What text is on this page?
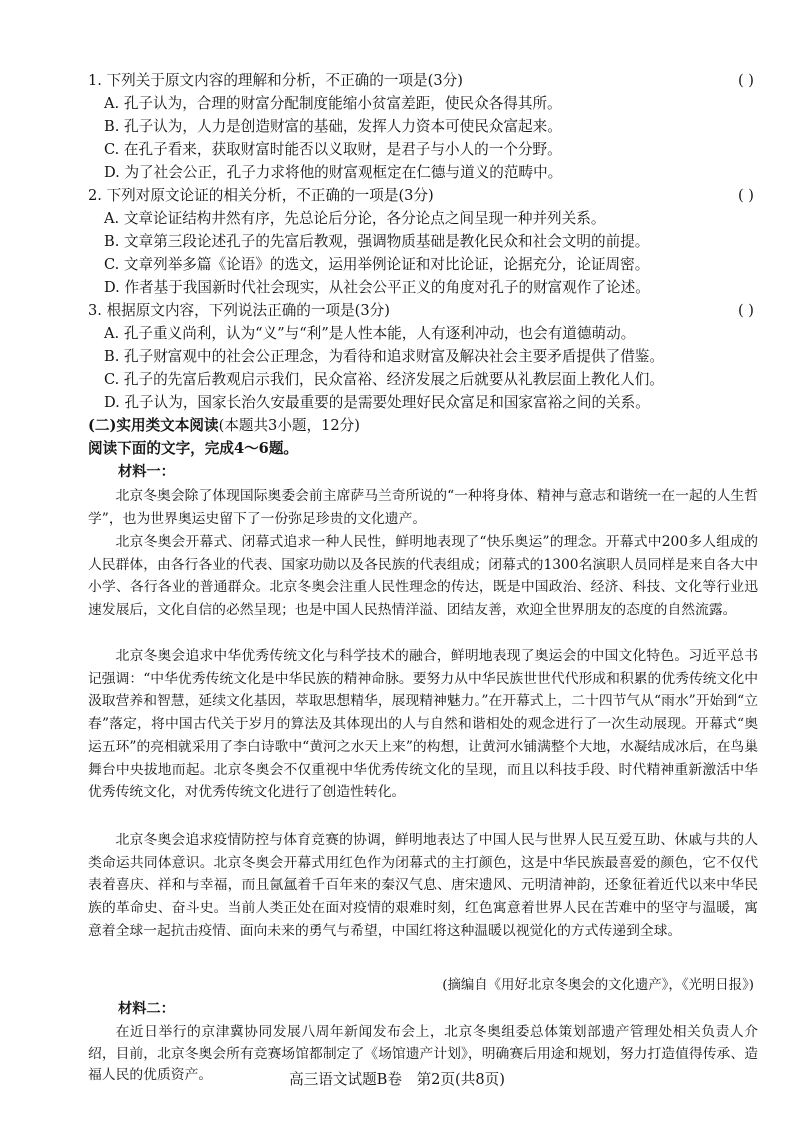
1. 下列关于原文内容的理解和分析，不正确的一项是(3分)	( )
A. 孔子认为，合理的财富分配制度能缩小贫富差距，使民众各得其所。
B. 孔子认为，人力是创造财富的基础，发挥人力资本可使民众富起来。
C. 在孔子看来，获取财富时能否以义取财，是君子与小人的一个分野。
D. 为了社会公正，孔子力求将他的财富观框定在仁德与道义的范畴中。
2. 下列对原文论证的相关分析，不正确的一项是(3分)	( )
A. 文章论证结构井然有序，先总论后分论，各分论点之间呈现一种并列关系。
B. 文章第三段论述孔子的先富后教观，强调物质基础是教化民众和社会文明的前提。
C. 文章列举多篇《论语》的选文，运用举例论证和对比论证，论据充分，论证周密。
D. 作者基于我国新时代社会现实，从社会公平正义的角度对孔子的财富观作了论述。
3. 根据原文内容，下列说法正确的一项是(3分)	( )
A. 孔子重义尚利，认为“义”与“利”是人性本能，人有逐利冲动，也会有道德萌动。
B. 孔子财富观中的社会公正理念，为看待和追求财富及解决社会主要矛盾提供了借鉴。
C. 孔子的先富后教观启示我们，民众富裕、经济发展之后就要从礼教层面上教化人们。
D. 孔子认为，国家长治久安最重要的是需要处理好民众富足和国家富裕之间的关系。
(二)实用类文本阅读(本题共3小题，12分)
阅读下面的文字，完成4～6题。
材料一：
北京冬奥会除了体现国际奥委会前主席萨马兰奇所说的“一种将身体、精神与意志和谐统一在一起的人生哲学”，也为世界奥运史留下了一份弥足珍贵的文化遗产。
北京冬奥会开幕式、闭幕式追求一种人民性，鲜明地表现了“快乐奥运”的理念。开幕式中200多人组成的人民群体，由各行各业的代表、国家功勋以及各民族的代表组成；闭幕式的1300名演职人员同样是来自各大中小学、各行各业的普通群众。北京冬奥会注重人民性理念的传达，既是中国政治、经济、科技、文化等行业迅速发展后，文化自信的必然呈现；也是中国人民热情洋溢、团结友善，欢迎全世界朋友的态度的自然流露。
北京冬奥会追求中华优秀传统文化与科学技术的融合，鲜明地表现了奥运会的中国文化特色。习近平总书记强调：“中华优秀传统文化是中华民族的精神命脉。要努力从中华民族世世代代形成和积累的优秀传统文化中汲取营养和智慧，延续文化基因，萃取思想精华，展现精神魅力。”在开幕式上，二十四节气从“雨水”开始到“立春”落定，将中国古代关于岁月的算法及其体现出的人与自然和谐相处的观念进行了一次生动展现。开幕式“奥运五环”的亮相就采用了李白诗歌中“黄河之水天上来”的构想，让黄河水铺满整个大地，水凝结成冰后，在鸟巢舞台中央拔地而起。北京冬奥会不仅重视中华优秀传统文化的呈现，而且以科技手段、时代精神重新激活中华优秀传统文化，对优秀传统文化进行了创造性转化。
北京冬奥会追求疫情防控与体育竞赛的协调，鲜明地表达了中国人民与世界人民互爱互助、休戚与共的人类命运共同体意识。北京冬奥会开幕式用红色作为闭幕式的主打颜色，这是中华民族最喜爱的颜色，它不仅代表着喜庆、祥和与幸福，而且氤氲着千百年来的秦汉气息、唐宋遗风、元明清神韵，还象征着近代以来中华民族的革命史、奋斗史。当前人类正处在面对疫情的艰难时刻，红色寓意着世界人民在苦难中的坚守与温暖，寓意着全球一起抗击疫情、面向未来的勇气与希望，中国红将这种温暖以视觉化的方式传递到全球。
(摘编自《用好北京冬奥会的文化遗产》，《光明日报》)
材料二：
在近日举行的京津冀协同发展八周年新闻发布会上，北京冬奥组委总体策划部遗产管理处相关负责人介绍，目前，北京冬奥会所有竞赛场馆都制定了《场馆遗产计划》，明确赛后用途和规划，努力打造值得传承、造福人民的优质资产。	高三语文试题B卷　第2页(共8页)
